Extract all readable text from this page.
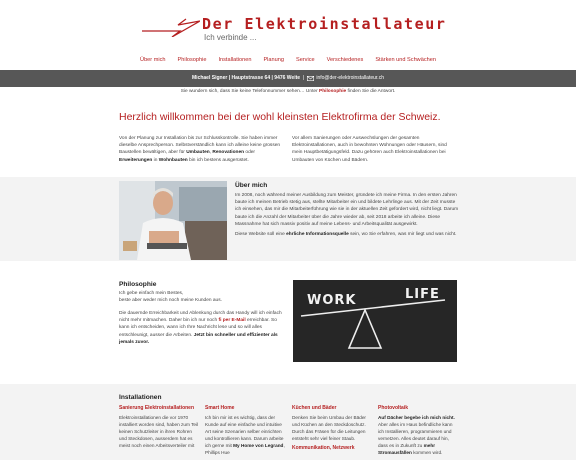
Der Elektroinstallateur
Ich verbinde ...
Über mich	Philosophie	Installationen	Planung	Service	Verschiedenes	Stärken und Schwächen
Michael Signer | Hauptstrasse 64 | 9476 Weite | info@der-elektroinstallateur.ch
Sie wundern sich, dass Sie keine Telefonnummer sehen… Unter Philosophie finden Sie die Antwort.
Herzlich willkommen bei der wohl kleinsten Elektrofirma der Schweiz.
Von der Planung zur Installation bis zur Schlusskontrolle. Sie haben immer dieselbe Ansprechperson. Selbstverständlich kann ich alleine keine grossen Baustellen bewältigen, aber für Umbauten, Renovationen oder Erweiterungen in Wohnbauten bin ich bestens ausgerüstet.
Vor allem Sanierungen oder Auswechslungen der gesamten Elektroinstallationen, auch in bewohnten Wohnungen oder Häusern, sind mein Hauptbetätigungsfeld. Dazu gehören auch Elektroinstallationen bei Umbauten von Küchen und Bädern.
Über mich

Im 2008, noch während meiner Ausbildung zum Meister, gründete ich meine Firma. In den ersten Jahren baute ich meinen Betrieb stetig aus, stellte Mitarbeiter ein und bildete Lehrlinge aus. Mit der Zeit musste ich einsehen, das mir die Mitarbeiterführung wie sie in der aktuellen Zeit gefordert wird, nicht liegt. Darum baute ich die Anzahl der Mitarbeiter über die Jahre wieder ab, seit 2018 arbeite ich alleine. Diese Massnahme hat sich massiv positiv auf meine Lebens- und Arbeitsqualität ausgewirkt.

Diese Website soll eine ehrliche Informationsquelle sein, wo Sie erfahren, was mir liegt und was nicht.

Philosophie

Ich gebe einfach mein Bestes,
beste aber weder mich noch meine Kunden aus.

Die dauernde Erreichbarkeit und Ablenkung durch das Handy will ich einfach nicht mehr mitmachen. Daher bin ich nur noch fi per E-Mail erreichbar. So kann ich entscheiden, wann ich Ihre Nachricht lese und so will alles entschleunigt, ausser die Arbeiten. Jetzt bin schneller und effizienter als jemals zuvor.

WORK	LIFE
Installationen
Sanierung Elektroinstallationen
Elektroinstallationen die vor 1970 installiert worden sind, haben zum Teil keinen Schutzleiter in ihren Rohren und Steckdosen, ausserdem hat es meist noch einen Arbeitsverteiler mit
Smart Home
Ich bin mir ist es wichtig, dass der Kunde auf eine einfache und intuitive Art seine Szenarien selber einrichten und kontrollieren kann. Darum arbeite ich gerne mit My Home von Legrand, Phillips Hue
Küchen und Bäder
Denken Sie beim Umbau der Bäder und Küchen an den Steckdoschutz. Durch das Fräsen für die Leitungen entsteht sehr viel feiner Staub.
Kommunikation, Netzwerk
Photovoltaik
Auf Dächer begebe ich mich nicht. Aber alles im Haus befindliche kann ich Installieren, programmieren und vernetzen. Alles deutet darauf hin, dass es in Zukunft zu mehr Stromausfällen kommen wird.
